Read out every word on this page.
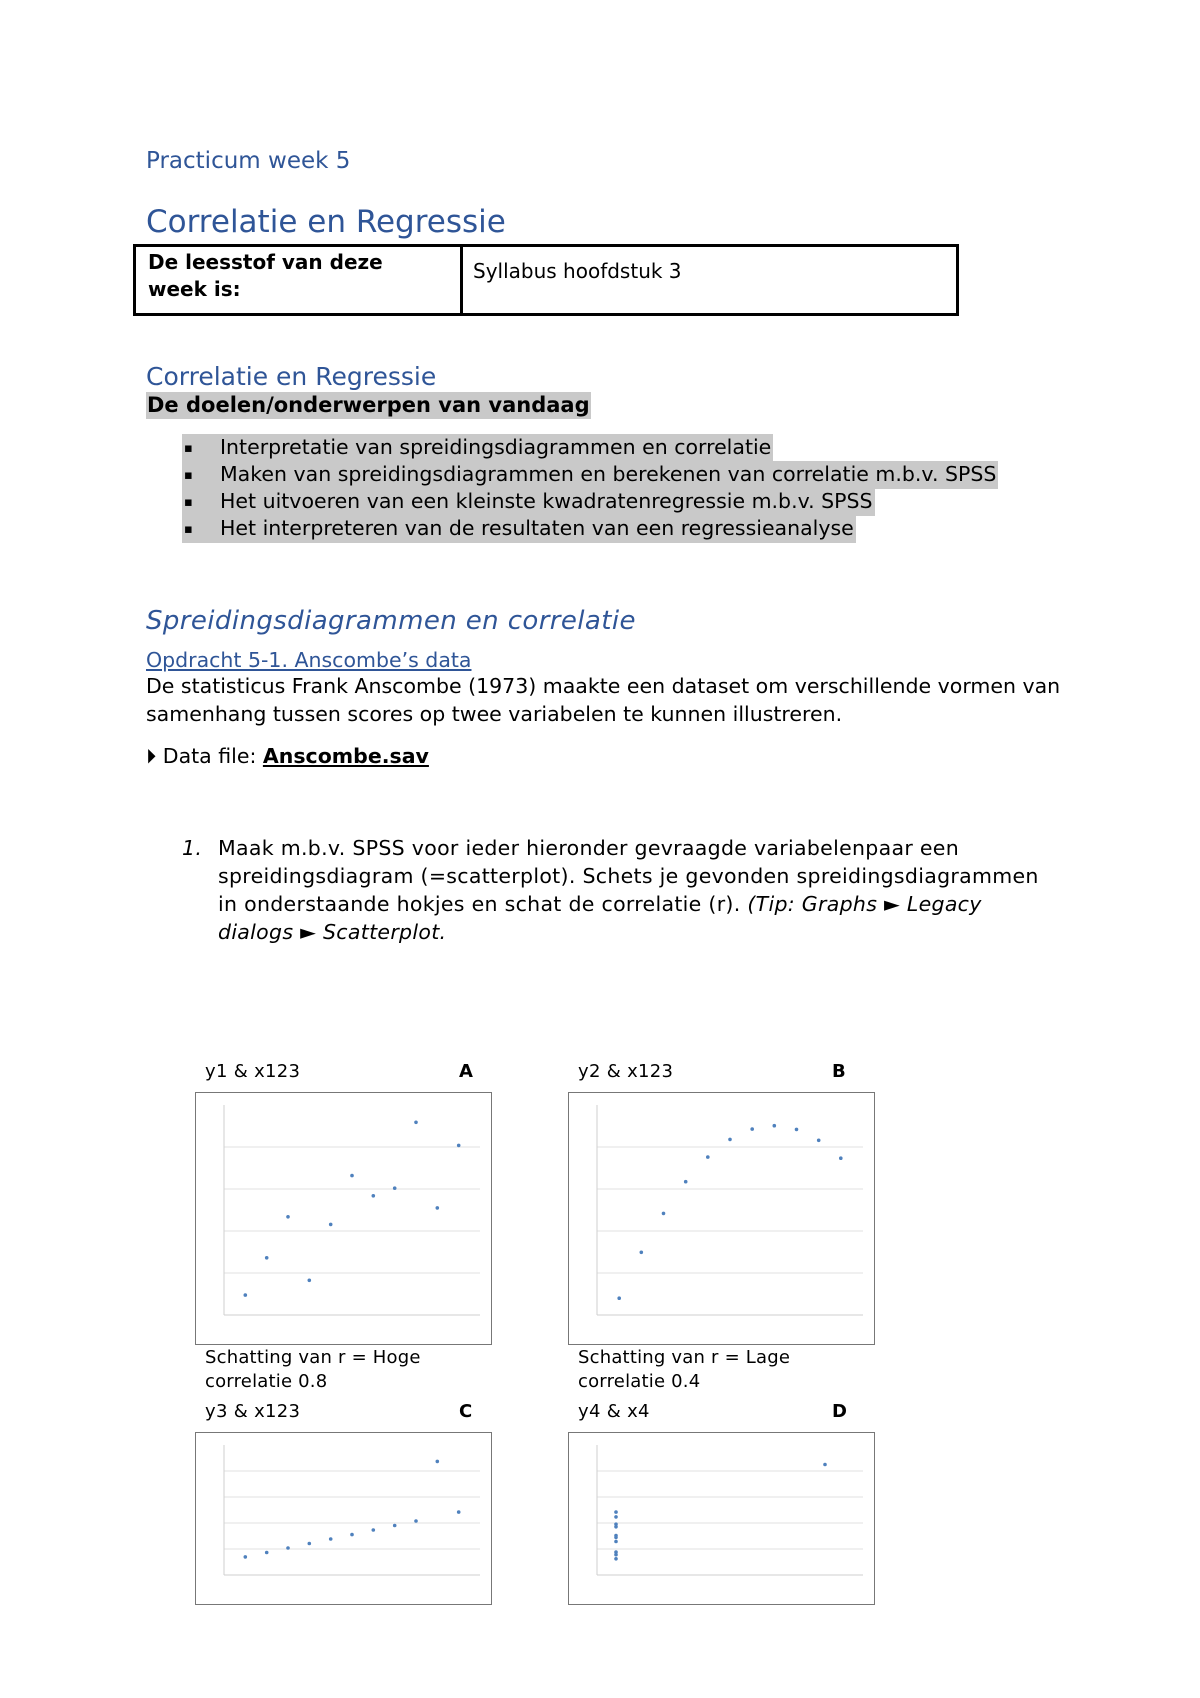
Practicum week 5
Correlatie en Regressie
De leesstof van deze week is:
Syllabus hoofdstuk 3
Correlatie en Regressie
De doelen/onderwerpen van vandaag
▪ Interpretatie van spreidingsdiagrammen en correlatie
▪ Maken van spreidingsdiagrammen en berekenen van correlatie m.b.v. SPSS
▪ Het uitvoeren van een kleinste kwadratenregressie m.b.v. SPSS
▪ Het interpreteren van de resultaten van een regressieanalyse
Spreidingsdiagrammen en correlatie
Opdracht 5-1. Anscombe’s data
De statisticus Frank Anscombe (1973) maakte een dataset om verschillende vormen van samenhang tussen scores op twee variabelen te kunnen illustreren.
⏵ Data file: Anscombe.sav
1. Maak m.b.v. SPSS voor ieder hieronder gevraagde variabelenpaar een spreidingsdiagram (=scatterplot). Schets je gevonden spreidingsdiagrammen in onderstaande hokjes en schat de correlatie (r). (Tip: Graphs ► Legacy dialogs ► Scatterplot.
y1 & x123	A
Schatting van r = Hoge correlatie 0.8
y2 & x123	B
Schatting van r = Lage correlatie 0.4
y3 & x123	C	y4 & x4	D
